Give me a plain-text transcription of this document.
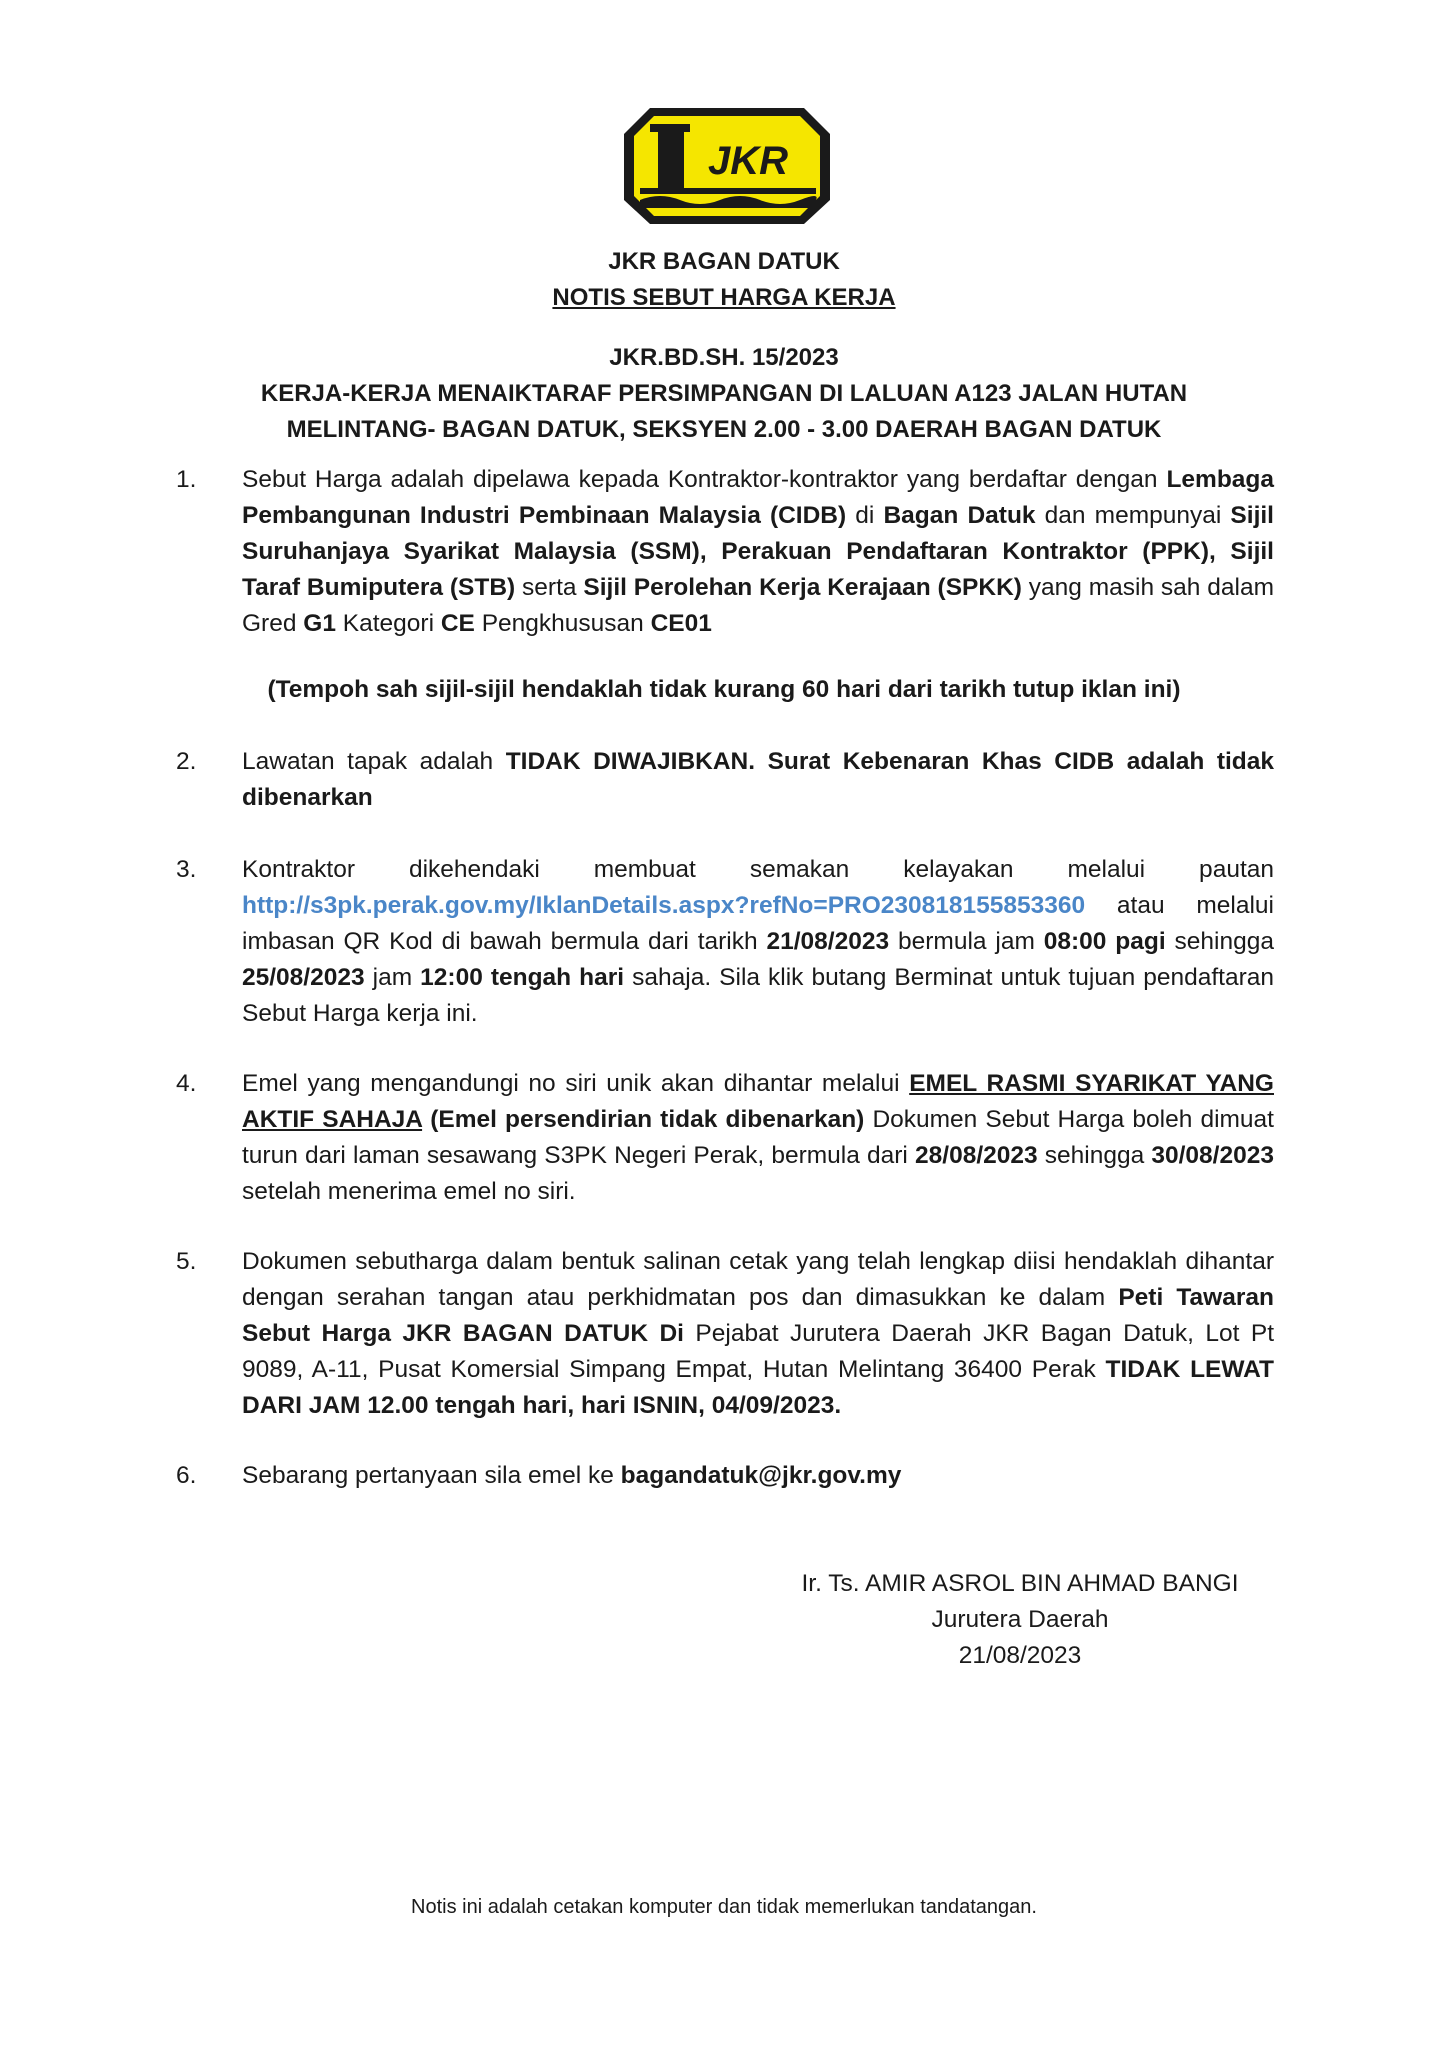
JKR
JKR BAGAN DATUK
NOTIS SEBUT HARGA KERJA
JKR.BD.SH. 15/2023
KERJA-KERJA MENAIKTARAF PERSIMPANGAN DI LALUAN A123 JALAN HUTAN
MELINTANG- BAGAN DATUK, SEKSYEN 2.00 - 3.00 DAERAH BAGAN DATUK
1.	Sebut Harga adalah dipelawa kepada Kontraktor-kontraktor yang berdaftar dengan Lembaga Pembangunan Industri Pembinaan Malaysia (CIDB) di Bagan Datuk dan mempunyai Sijil Suruhanjaya Syarikat Malaysia (SSM), Perakuan Pendaftaran Kontraktor (PPK), Sijil Taraf Bumiputera (STB) serta Sijil Perolehan Kerja Kerajaan (SPKK) yang masih sah dalam Gred G1 Kategori CE Pengkhususan CE01
(Tempoh sah sijil-sijil hendaklah tidak kurang 60 hari dari tarikh tutup iklan ini)
2.	Lawatan tapak adalah TIDAK DIWAJIBKAN. Surat Kebenaran Khas CIDB adalah tidak dibenarkan
3.	Kontraktor dikehendaki membuat semakan kelayakan melalui pautan http://s3pk.perak.gov.my/IklanDetails.aspx?refNo=PRO230818155853360 atau melalui imbasan QR Kod di bawah bermula dari tarikh 21/08/2023 bermula jam 08:00 pagi sehingga 25/08/2023 jam 12:00 tengah hari sahaja. Sila klik butang Berminat untuk tujuan pendaftaran Sebut Harga kerja ini.
4.	Emel yang mengandungi no siri unik akan dihantar melalui EMEL RASMI SYARIKAT YANG AKTIF SAHAJA (Emel persendirian tidak dibenarkan) Dokumen Sebut Harga boleh dimuat turun dari laman sesawang S3PK Negeri Perak, bermula dari 28/08/2023 sehingga 30/08/2023 setelah menerima emel no siri.
5.	Dokumen sebutharga dalam bentuk salinan cetak yang telah lengkap diisi hendaklah dihantar dengan serahan tangan atau perkhidmatan pos dan dimasukkan ke dalam Peti Tawaran Sebut Harga JKR BAGAN DATUK Di Pejabat Jurutera Daerah JKR Bagan Datuk, Lot Pt 9089, A-11, Pusat Komersial Simpang Empat, Hutan Melintang 36400 Perak TIDAK LEWAT DARI JAM 12.00 tengah hari, hari ISNIN, 04/09/2023.
6.	Sebarang pertanyaan sila emel ke bagandatuk@jkr.gov.my
Ir. Ts. AMIR ASROL BIN AHMAD BANGI
Jurutera Daerah
21/08/2023
Notis ini adalah cetakan komputer dan tidak memerlukan tandatangan.
